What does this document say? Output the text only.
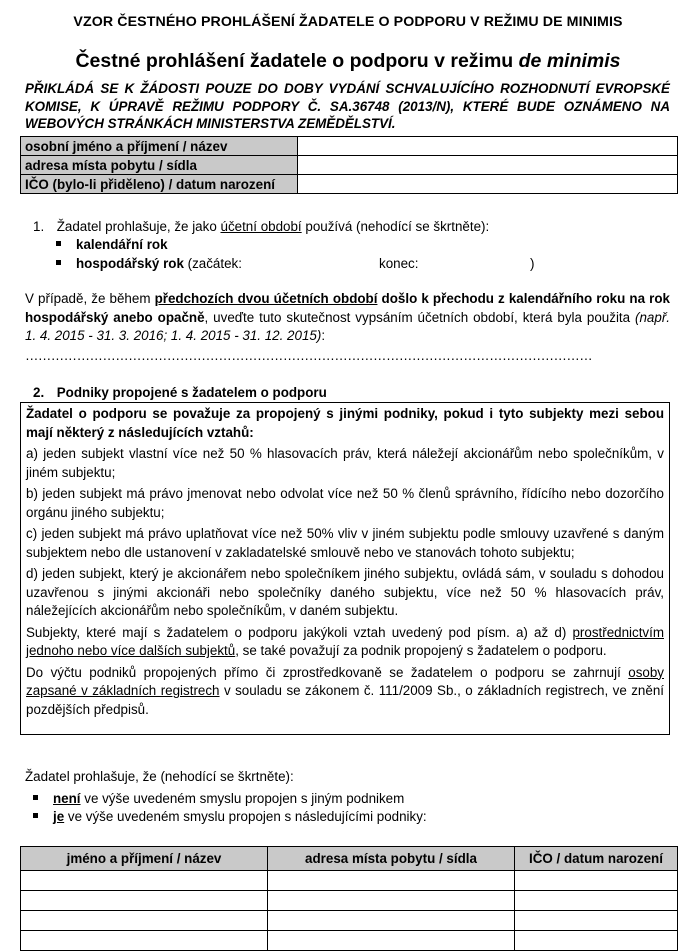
VZOR ČESTNÉHO PROHLÁŠENÍ ŽADATELE O PODPORU V REŽIMU DE MINIMIS
Čestné prohlášení žadatele o podporu v režimu de minimis
PŘIKLÁDÁ SE K ŽÁDOSTI POUZE DO DOBY VYDÁNÍ SCHVALUJÍCÍHO ROZHODNUTÍ EVROPSKÉ KOMISE, K ÚPRAVĚ REŽIMU PODPORY Č. SA.36748 (2013/N), KTERÉ BUDE OZNÁMENO NA WEBOVÝCH STRÁNKÁCH MINISTERSTVA ZEMĚDĚLSTVÍ.
osobní jméno a příjmení / název	
adresa místa pobytu / sídla	
IČO (bylo-li přiděleno) / datum narození	
1. Žadatel prohlašuje, že jako účetní období používá (nehodící se škrtněte):
kalendářní rok
hospodářský rok (začátek:	konec:	)
V případě, že během předchozích dvou účetních období došlo k přechodu z kalendářního roku na rok hospodářský anebo opačně, uveďte tuto skutečnost vypsáním účetních období, která byla použita (např. 1. 4. 2015 - 31. 3. 2016; 1. 4. 2015 - 31. 12. 2015):
……………………………………………………………………………………………………………………
2. Podniky propojené s žadatelem o podporu

Žadatel o podporu se považuje za propojený s jinými podniky, pokud i tyto subjekty mezi sebou mají některý z následujících vztahů:

a) jeden subjekt vlastní více než 50 % hlasovacích práv, která náležejí akcionářům nebo společníkům, v jiném subjektu;

b) jeden subjekt má právo jmenovat nebo odvolat více než 50 % členů správního, řídícího nebo dozorčího orgánu jiného subjektu;

c) jeden subjekt má právo uplatňovat více než 50% vliv v jiném subjektu podle smlouvy uzavřené s daným subjektem nebo dle ustanovení v zakladatelské smlouvě nebo ve stanovách tohoto subjektu;

d) jeden subjekt, který je akcionářem nebo společníkem jiného subjektu, ovládá sám, v souladu s dohodou uzavřenou s jinými akcionáři nebo společníky daného subjektu, více než 50 % hlasovacích práv, náležejících akcionářům nebo společníkům, v daném subjektu.

Subjekty, které mají s žadatelem o podporu jakýkoli vztah uvedený pod písm. a) až d) prostřednictvím jednoho nebo více dalších subjektů, se také považují za podnik propojený s žadatelem o podporu.

Do výčtu podniků propojených přímo či zprostředkovaně se žadatelem o podporu se zahrnují osoby zapsané v základních registrech v souladu se zákonem č. 111/2009 Sb., o základních registrech, ve znění pozdějších předpisů.

Žadatel prohlašuje, že (nehodící se škrtněte):
není ve výše uvedeném smyslu propojen s jiným podnikem
je ve výše uvedeném smyslu propojen s následujícími podniky:
jméno a příjmení / název	adresa místa pobytu / sídla	IČO / datum narození
